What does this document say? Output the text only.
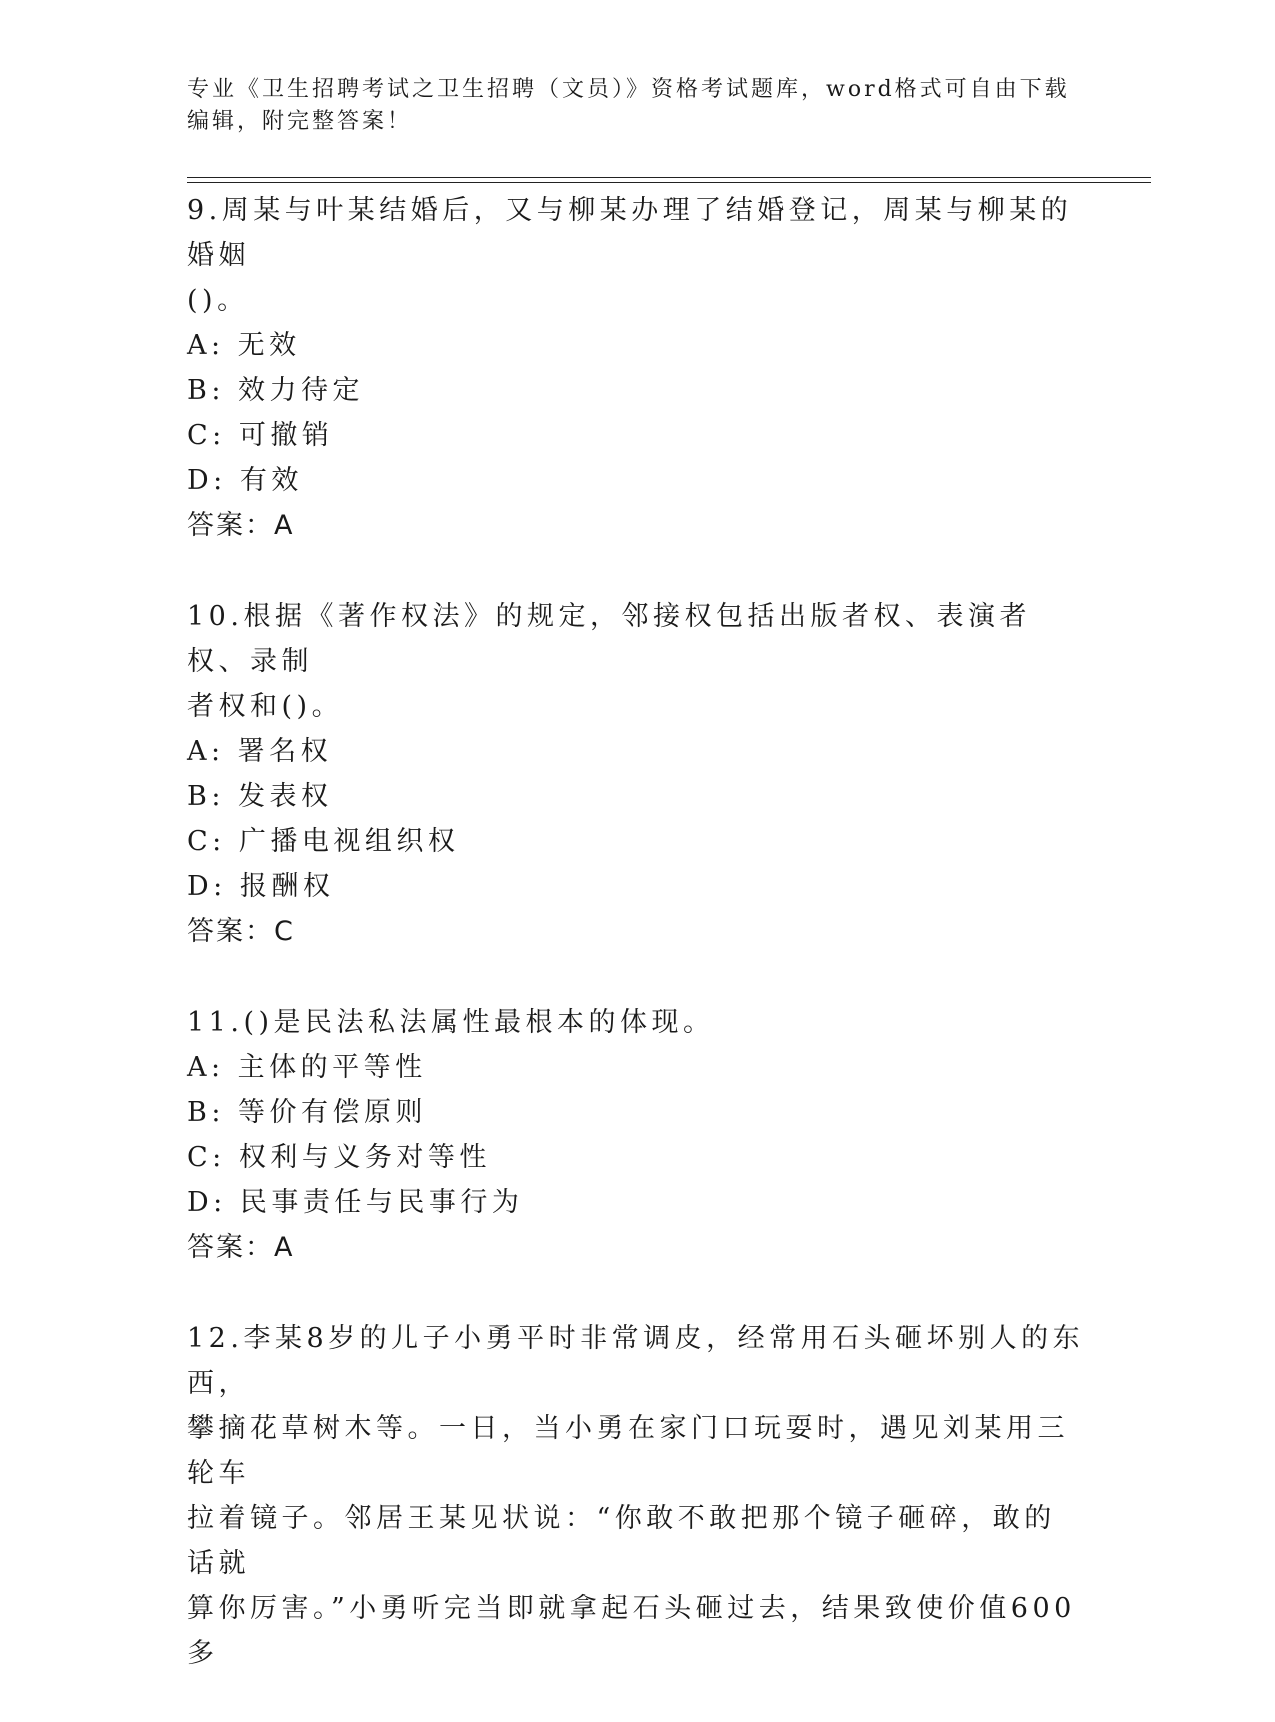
专业《卫生招聘考试之卫生招聘（文员）》资格考试题库，word格式可自由下载
编辑，附完整答案！
9.周某与叶某结婚后，又与柳某办理了结婚登记，周某与柳某的婚姻
()。
A: 无效
B: 效力待定
C: 可撤销
D: 有效
答案：A
10.根据《著作权法》的规定，邻接权包括出版者权、表演者权、录制
者权和()。
A: 署名权
B: 发表权
C: 广播电视组织权
D: 报酬权
答案：C
11.()是民法私法属性最根本的体现。
A: 主体的平等性
B: 等价有偿原则
C: 权利与义务对等性
D: 民事责任与民事行为
答案：A
12.李某8岁的儿子小勇平时非常调皮，经常用石头砸坏别人的东西，
攀摘花草树木等。一日，当小勇在家门口玩耍时，遇见刘某用三轮车
拉着镜子。邻居王某见状说：“你敢不敢把那个镜子砸碎，敢的话就
算你厉害。”小勇听完当即就拿起石头砸过去，结果致使价值600多
